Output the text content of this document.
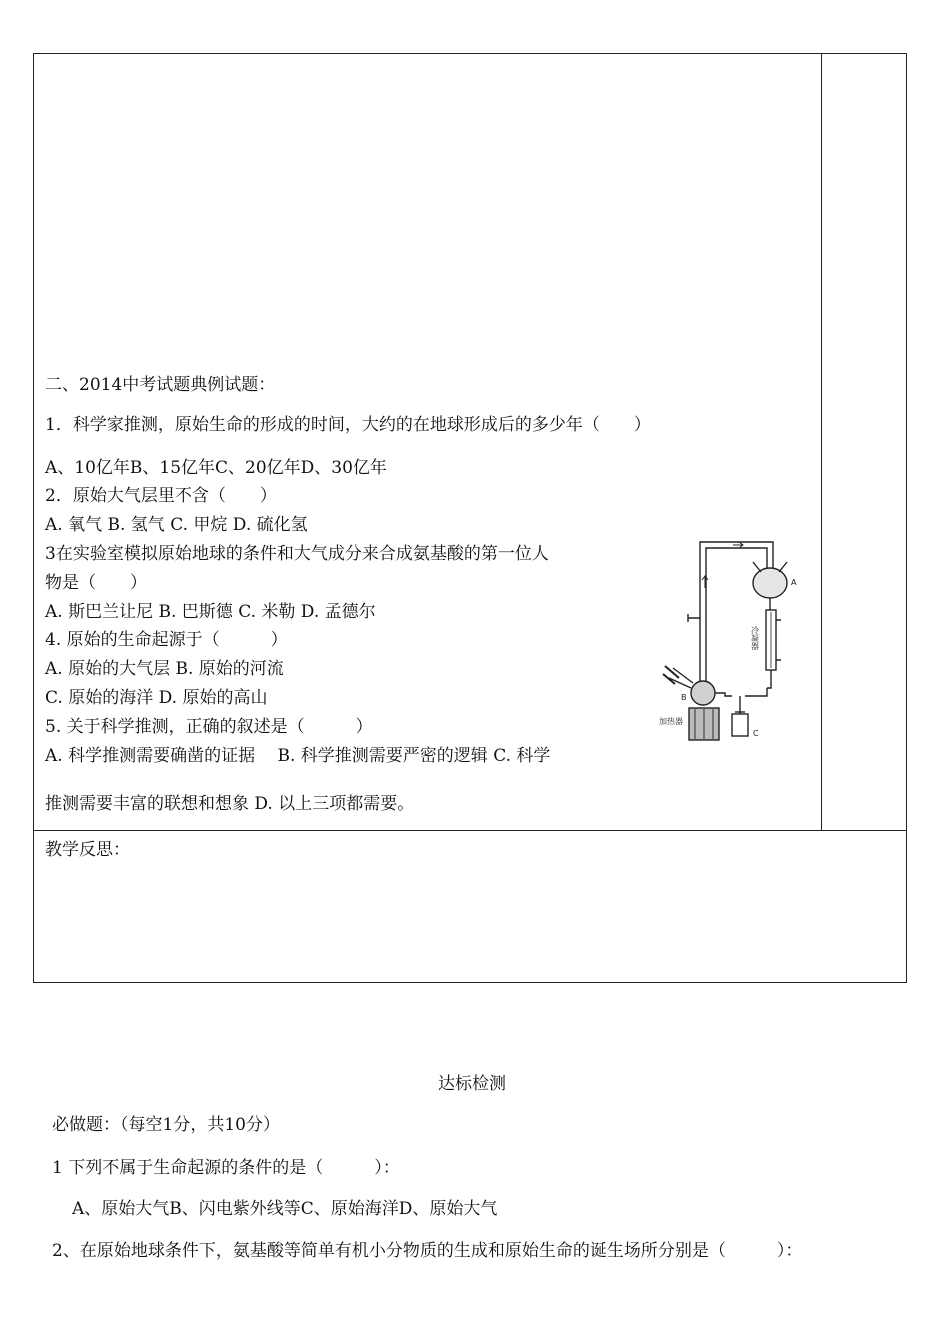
二、2014中考试题典例试题：
1．科学家推测，原始生命的形成的时间，大约的在地球形成后的多少年（　　）
A、10亿年B、15亿年C、20亿年D、30亿年
2．原始大气层里不含（　　）
A. 氧气 B. 氢气 C. 甲烷 D. 硫化氢
3在实验室模拟原始地球的条件和大气成分来合成氨基酸的第一位人
物是（　　）
A. 斯巴兰让尼 B. 巴斯德 C. 米勒 D. 孟德尔
4. 原始的生命起源于（　　　）
A. 原始的大气层 B. 原始的河流
C. 原始的海洋 D. 原始的高山
5. 关于科学推测，正确的叙述是（　　　）
A. 科学推测需要确凿的证据　 B. 科学推测需要严密的逻辑 C. 科学
推测需要丰富的联想和想象 D. 以上三项都需要。
A
B
C
冷凝器
加热器
教学反思：
达标检测
必做题：（每空1分，共10分）
1 下列不属于生命起源的条件的是（　　　）：
A、原始大气B、闪电紫外线等C、原始海洋D、原始大气
2、在原始地球条件下，氨基酸等简单有机小分物质的生成和原始生命的诞生场所分别是（　　　）：
